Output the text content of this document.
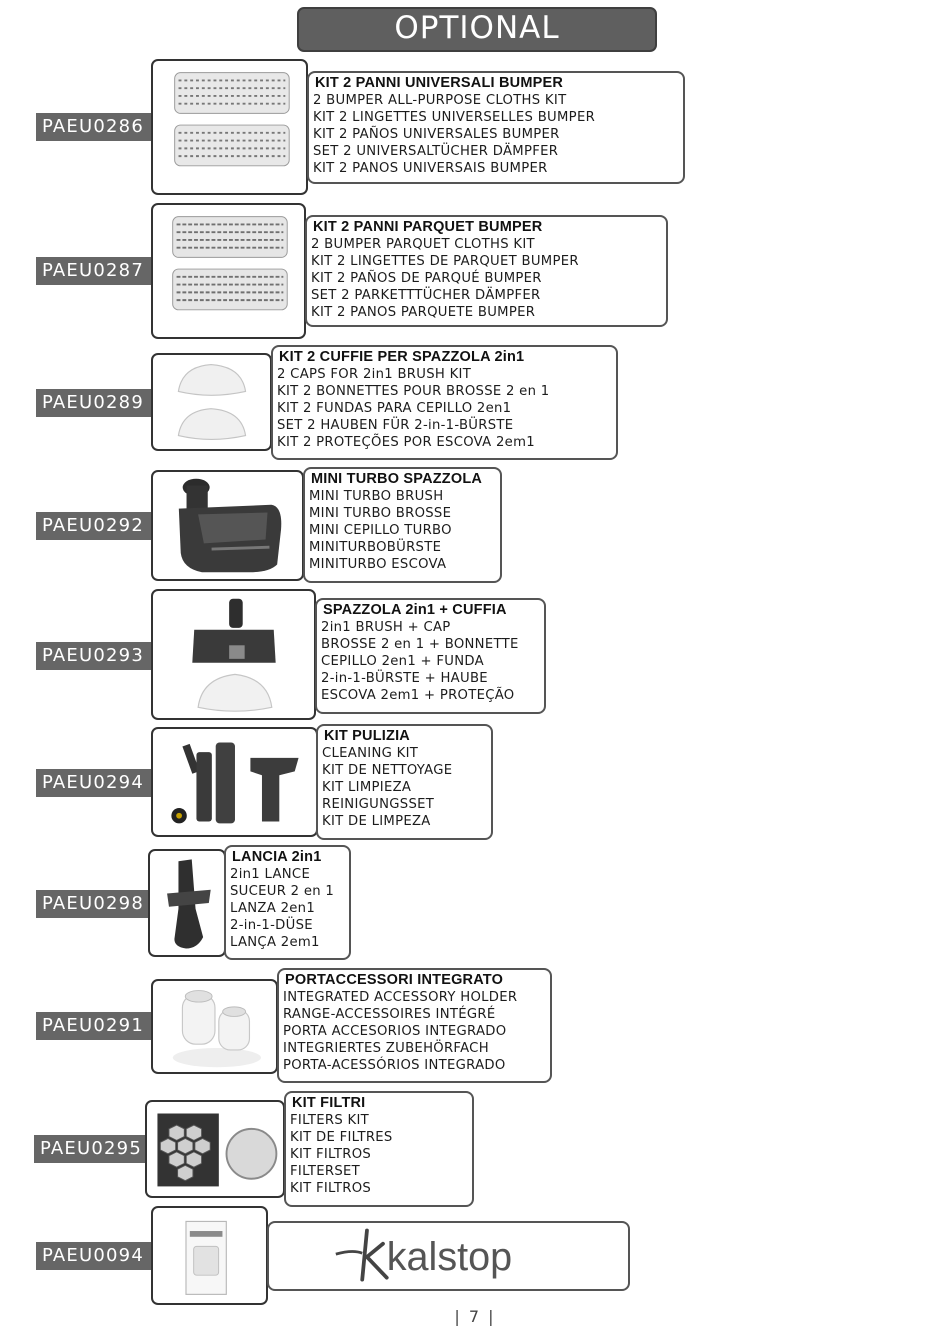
OPTIONAL
PAEU0286
PAEU0287
PAEU0289
PAEU0292
PAEU0293
PAEU0294
PAEU0298
PAEU0291
PAEU0295
PAEU0094
KIT 2 PANNI UNIVERSALI BUMPER
2 BUMPER ALL-PURPOSE CLOTHS KIT
KIT 2 LINGETTES UNIVERSELLES BUMPER
KIT 2 PAÑOS UNIVERSALES BUMPER
SET 2 UNIVERSALTÜCHER DÄMPFER
KIT 2 PANOS UNIVERSAIS BUMPER
KIT 2 PANNI PARQUET BUMPER
2 BUMPER PARQUET CLOTHS KIT
KIT 2 LINGETTES DE PARQUET BUMPER
KIT 2 PAÑOS DE PARQUÉ BUMPER
SET 2 PARKETTTÜCHER DÄMPFER
KIT 2 PANOS PARQUETE BUMPER
KIT 2 CUFFIE PER SPAZZOLA 2in1
2 CAPS FOR 2in1 BRUSH KIT
KIT 2 BONNETTES POUR BROSSE 2 en 1
KIT 2 FUNDAS PARA CEPILLO 2en1
SET 2 HAUBEN FÜR 2-in-1-BÜRSTE
KIT 2 PROTEÇÕES POR ESCOVA 2em1
MINI TURBO SPAZZOLA
MINI TURBO BRUSH
MINI TURBO BROSSE
MINI CEPILLO TURBO
MINITURBOBÜRSTE
MINITURBO ESCOVA
SPAZZOLA 2in1 + CUFFIA
2in1 BRUSH + CAP
BROSSE 2 en 1 + BONNETTE
CEPILLO 2en1 + FUNDA
2-in-1-BÜRSTE + HAUBE
ESCOVA 2em1 + PROTEÇÃO
KIT PULIZIA
CLEANING KIT
KIT DE NETTOYAGE
KIT LIMPIEZA
REINIGUNGSSET
KIT DE LIMPEZA
LANCIA 2in1
2in1 LANCE
SUCEUR 2 en 1
LANZA 2en1
2-in-1-DÜSE
LANÇA 2em1
PORTACCESSORI INTEGRATO
INTEGRATED ACCESSORY HOLDER
RANGE-ACCESSOIRES INTÉGRÉ
PORTA ACCESORIOS INTEGRADO
INTEGRIERTES ZUBEHÖRFACH
PORTA-ACESSÓRIOS INTEGRADO
KIT FILTRI
FILTERS KIT
KIT DE FILTRES
KIT FILTROS
FILTERSET
KIT FILTROS
kalstop
| 7 |
